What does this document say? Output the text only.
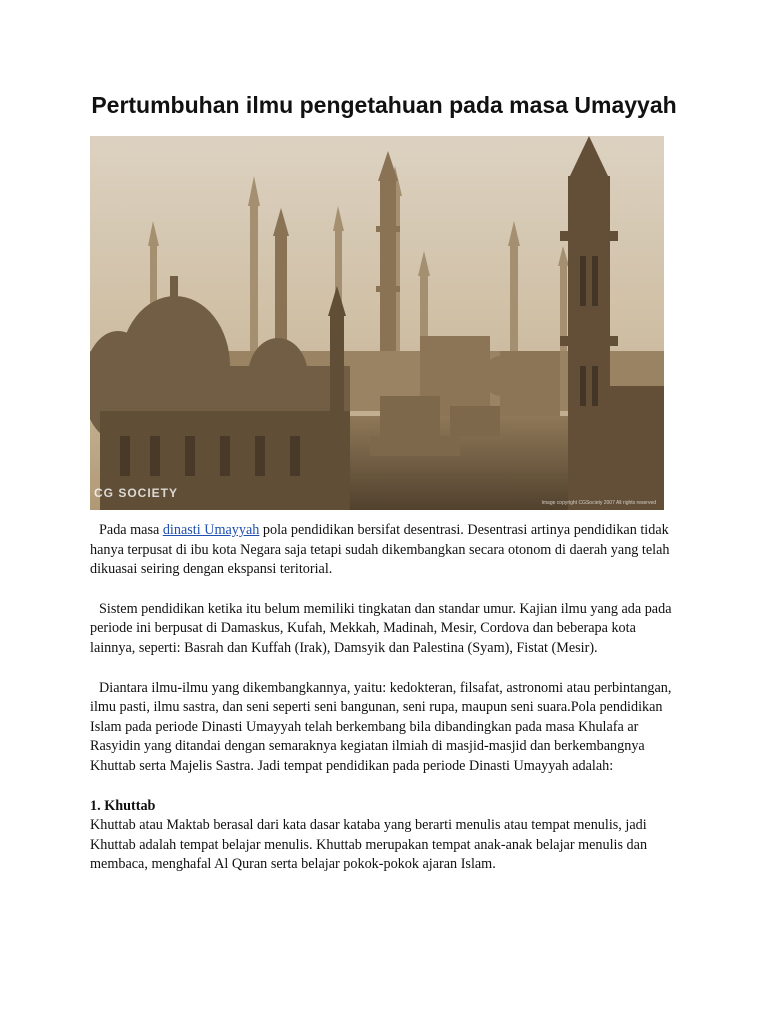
Pertumbuhan ilmu pengetahuan pada masa Umayyah
CG SOCIETY
Image copyright CGSociety 2007 All rights reserved

Pada masa dinasti Umayyah pola pendidikan bersifat desentrasi. Desentrasi artinya pendidikan tidak hanya terpusat di ibu kota Negara saja tetapi sudah dikembangkan secara otonom di daerah yang telah dikuasai seiring dengan ekspansi teritorial.

Sistem pendidikan ketika itu belum memiliki tingkatan dan standar umur. Kajian ilmu yang ada pada periode ini berpusat di Damaskus, Kufah, Mekkah, Madinah, Mesir, Cordova dan beberapa kota lainnya, seperti: Basrah dan Kuffah (Irak), Damsyik dan Palestina (Syam), Fistat (Mesir).

Diantara ilmu-ilmu yang dikembangkannya, yaitu: kedokteran, filsafat, astronomi atau perbintangan, ilmu pasti, ilmu sastra, dan seni seperti seni bangunan, seni rupa, maupun seni suara.Pola pendidikan Islam pada periode Dinasti Umayyah telah berkembang bila dibandingkan pada masa Khulafa ar Rasyidin yang ditandai dengan semaraknya kegiatan ilmiah di masjid-masjid dan berkembangnya Khuttab serta Majelis Sastra. Jadi tempat pendidikan pada periode Dinasti Umayyah adalah:

1. Khuttab
Khuttab atau Maktab berasal dari kata dasar kataba yang berarti menulis atau tempat menulis, jadi Khuttab adalah tempat belajar menulis. Khuttab merupakan tempat anak-anak belajar menulis dan membaca, menghafal Al Quran serta belajar pokok-pokok ajaran Islam.
